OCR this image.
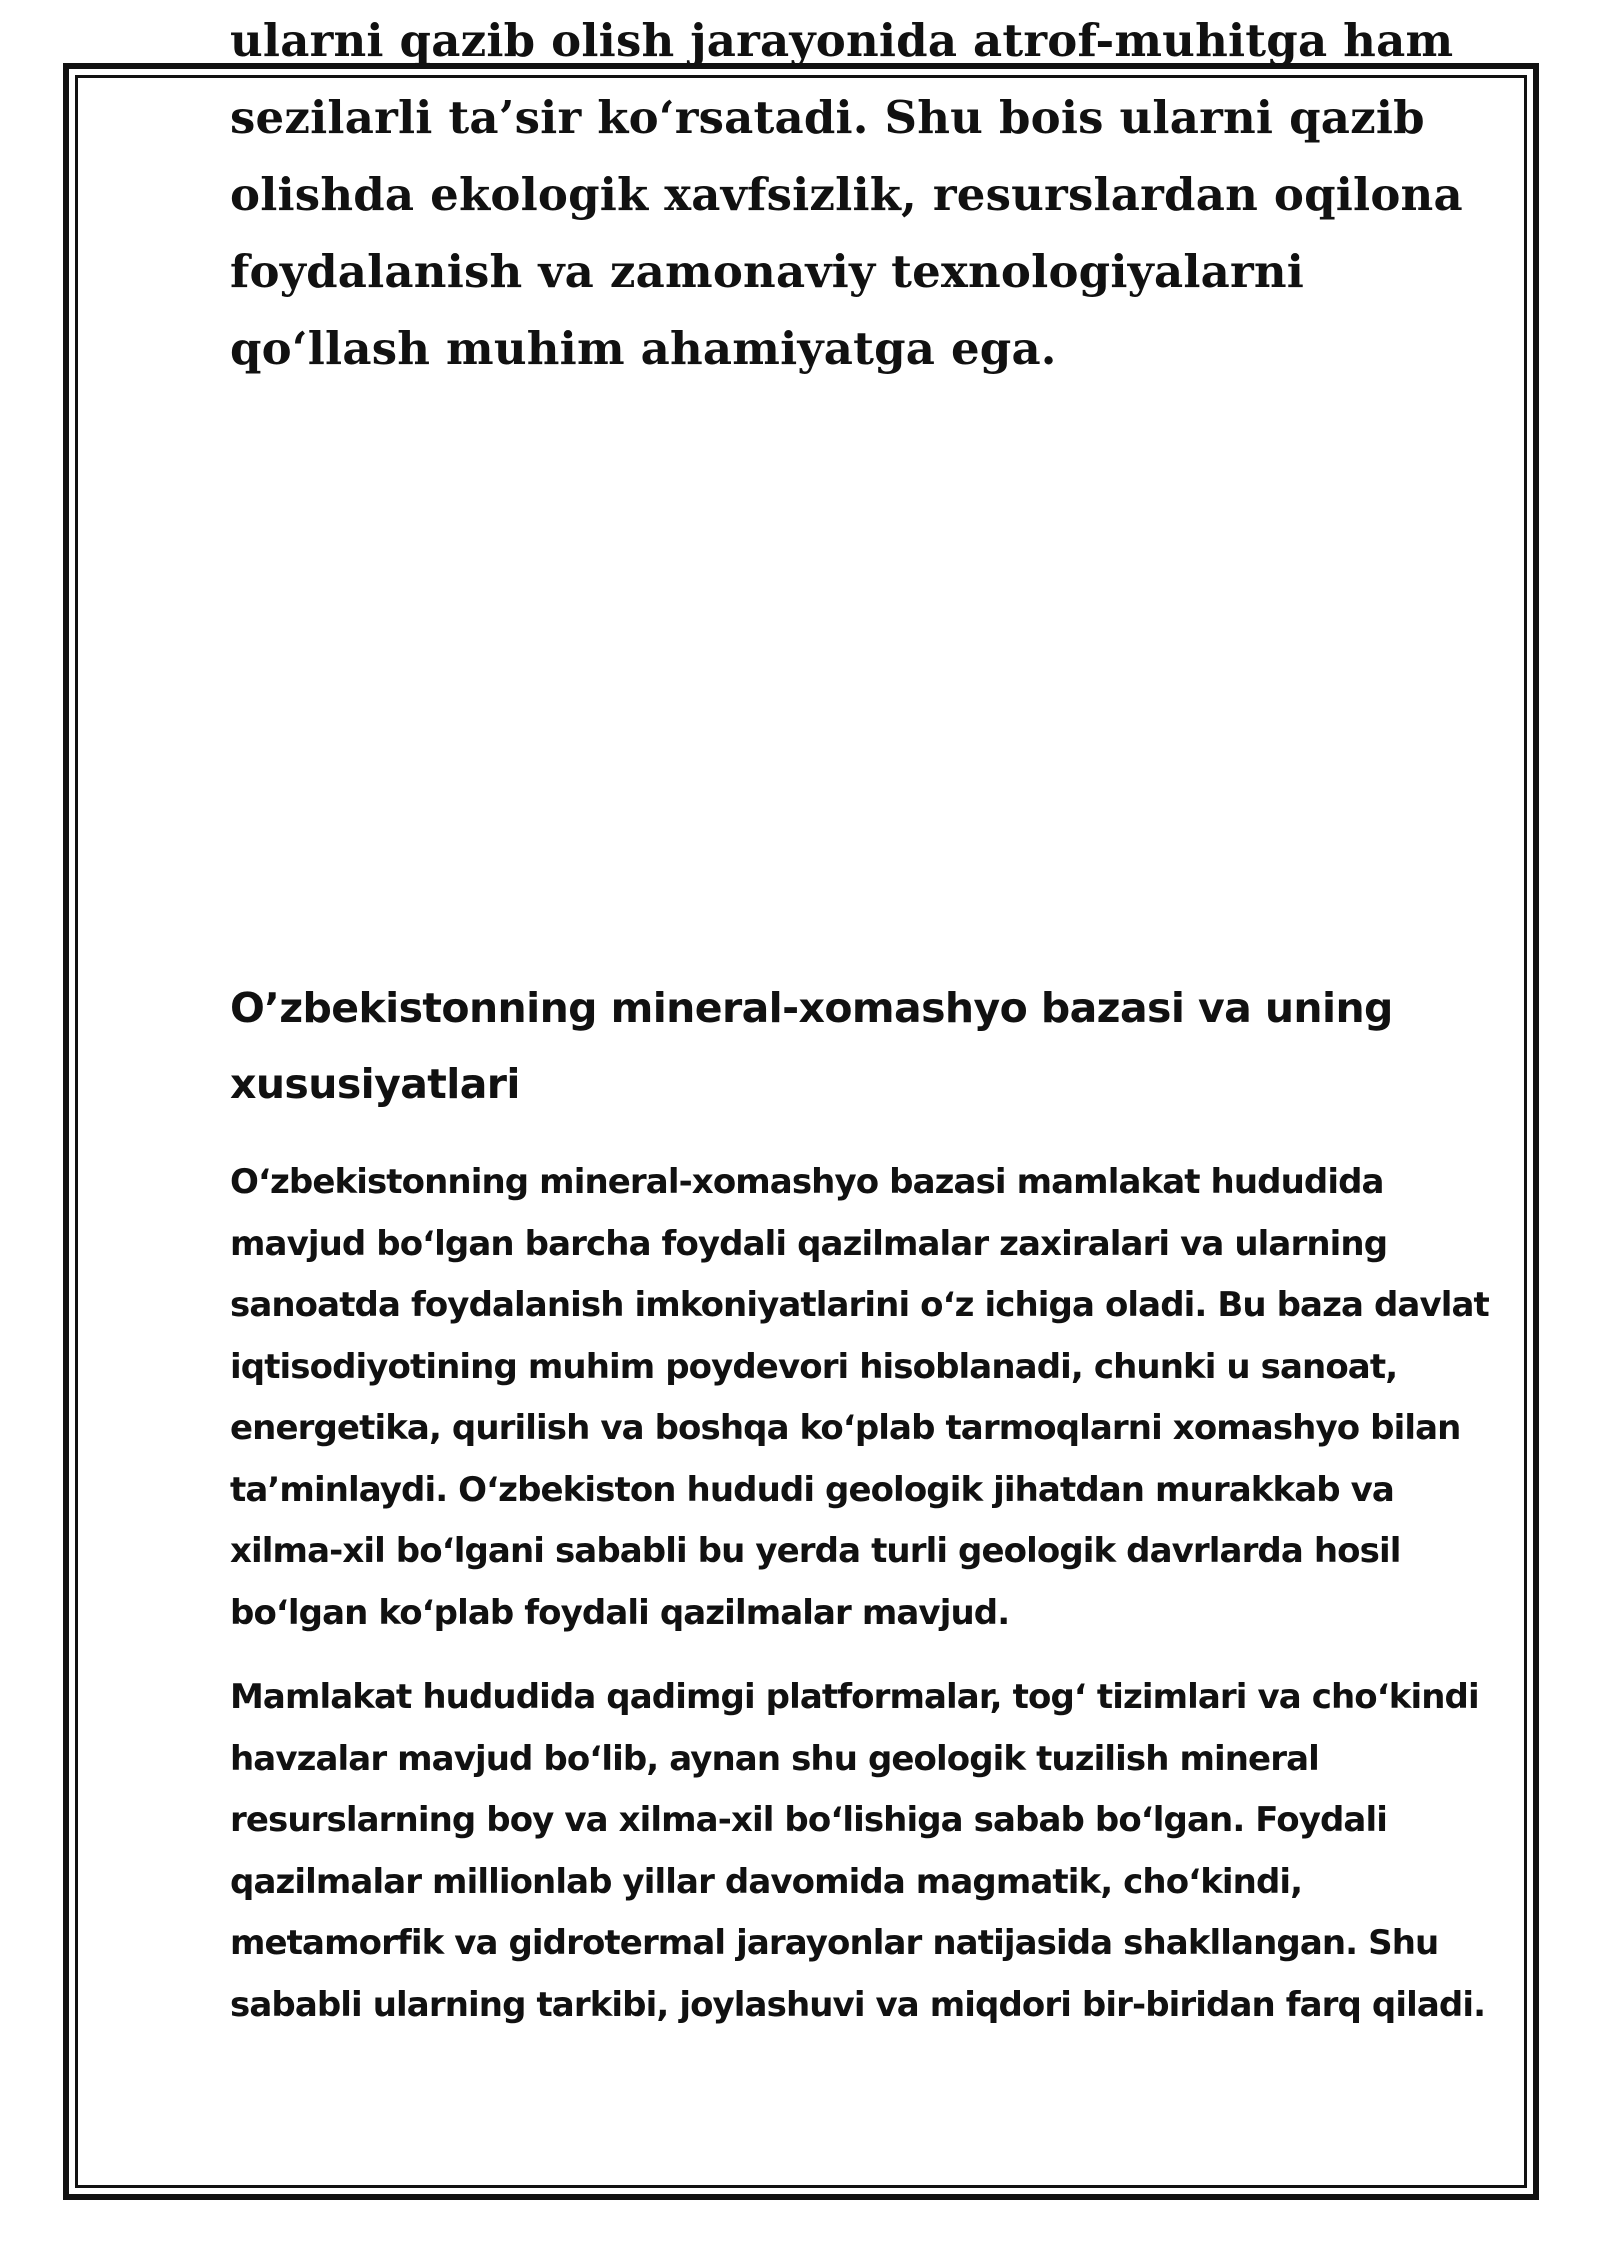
ularni qazib olish jarayonida atrof-muhitga ham sezilarli ta’sir ko‘rsatadi. Shu bois ularni qazib olishda ekologik xavfsizlik, resurslardan oqilona foydalanish va zamonaviy texnologiyalarni qo‘llash muhim ahamiyatga ega.

O’zbekistonning mineral-xomashyo bazasi va uning xususiyatlari

O‘zbekistonning mineral-xomashyo bazasi mamlakat hududida mavjud bo‘lgan barcha foydali qazilmalar zaxiralari va ularning sanoatda foydalanish imkoniyatlarini o‘z ichiga oladi. Bu baza davlat iqtisodiyotining muhim poydevori hisoblanadi, chunki u sanoat, energetika, qurilish va boshqa ko‘plab tarmoqlarni xomashyo bilan ta’minlaydi. O‘zbekiston hududi geologik jihatdan murakkab va xilma-xil bo‘lgani sababli bu yerda turli geologik davrlarda hosil bo‘lgan ko‘plab foydali qazilmalar mavjud.

Mamlakat hududida qadimgi platformalar, tog‘ tizimlari va cho‘kindi havzalar mavjud bo‘lib, aynan shu geologik tuzilish mineral resurslarning boy va xilma-xil bo‘lishiga sabab bo‘lgan. Foydali qazilmalar millionlab yillar davomida magmatik, cho‘kindi, metamorfik va gidrotermal jarayonlar natijasida shakllangan. Shu sababli ularning tarkibi, joylashuvi va miqdori bir-biridan farq qiladi.
